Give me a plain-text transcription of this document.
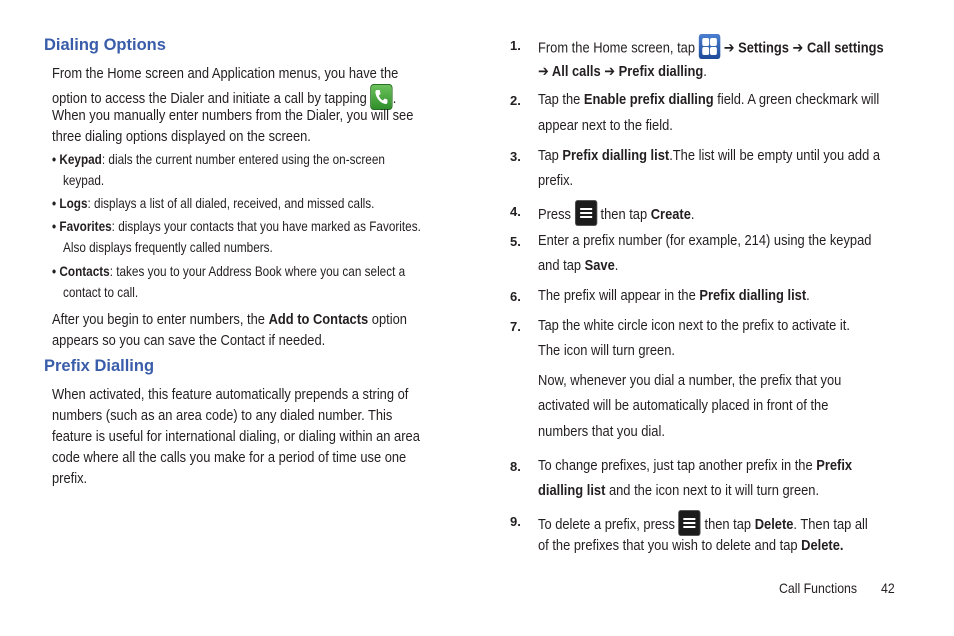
Dialing Options
From the Home screen and Application menus, you have the
option to access the Dialer and initiate a call by tapping .
When you manually enter numbers from the Dialer, you will see
three dialing options displayed on the screen.
• Keypad: dials the current number entered using the on-screen
keypad.
• Logs: displays a list of all dialed, received, and missed calls.
• Favorites: displays your contacts that you have marked as Favorites.
Also displays frequently called numbers.
• Contacts: takes you to your Address Book where you can select a
contact to call.
After you begin to enter numbers, the Add to Contacts option
appears so you can save the Contact if needed.
Prefix Dialling
When activated, this feature automatically prepends a string of
numbers (such as an area code) to any dialed number. This
feature is useful for international dialing, or dialing within an area
code where all the calls you make for a period of time use one
prefix.
1. From the Home screen, tap
➔ Settings ➔ Call settings
➔ All calls ➔ Prefix dialling.
2. Tap the Enable prefix dialling field. A green checkmark will
appear next to the field.
3. Tap Prefix dialling list.The list will be empty until you add a
prefix.
4. Press
then tap Create.
5. Enter a prefix number (for example, 214) using the keypad
and tap Save.
6. The prefix will appear in the Prefix dialling list.
7. Tap the white circle icon next to the prefix to activate it.
The icon will turn green.
Now, whenever you dial a number, the prefix that you
activated will be automatically placed in front of the
numbers that you dial.
8. To change prefixes, just tap another prefix in the Prefix
dialling list and the icon next to it will turn green.
9. To delete a prefix, press
then tap Delete. Then tap all
of the prefixes that you wish to delete and tap Delete.
Call Functions 42
